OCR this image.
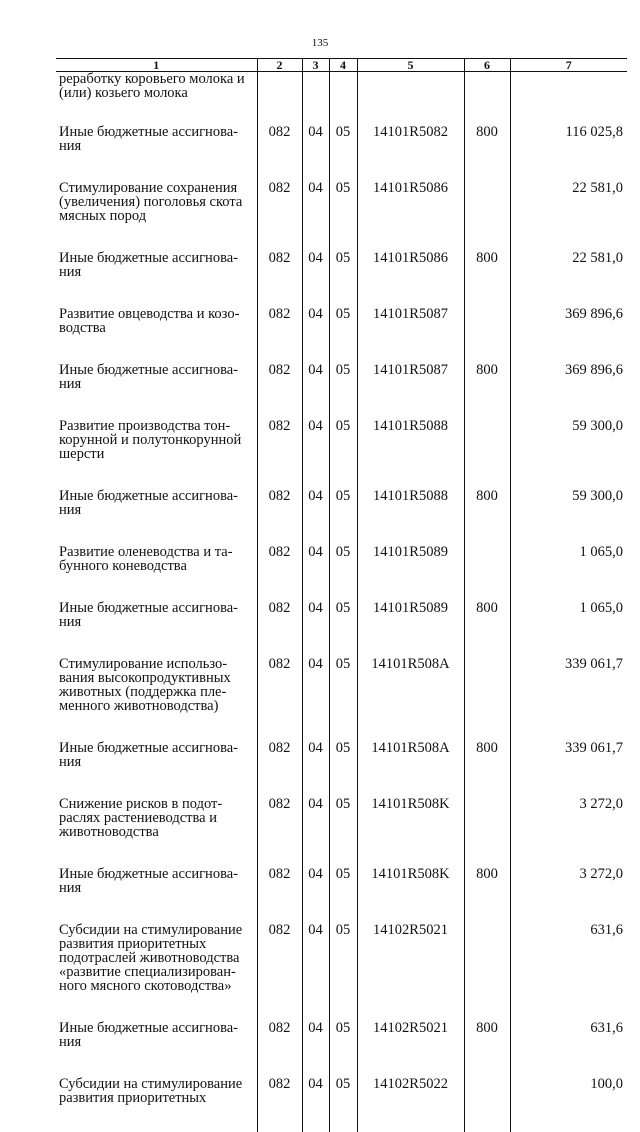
135
1	2	3	4	5	6	7
реработку коровьего молока и (или) козьего молока						
Иные бюджетные ассигнова-ния	082	04	05	14101R5082	800	116 025,8
Стимулирование сохранения (увеличения) поголовья скота мясных пород	082	04	05	14101R5086		22 581,0
Иные бюджетные ассигнова-ния	082	04	05	14101R5086	800	22 581,0
Развитие овцеводства и козо-водства	082	04	05	14101R5087		369 896,6
Иные бюджетные ассигнова-ния	082	04	05	14101R5087	800	369 896,6
Развитие производства тон-корунной и полутонкорунной шерсти	082	04	05	14101R5088		59 300,0
Иные бюджетные ассигнова-ния	082	04	05	14101R5088	800	59 300,0
Развитие оленеводства и та-бунного коневодства	082	04	05	14101R5089		1 065,0
Иные бюджетные ассигнова-ния	082	04	05	14101R5089	800	1 065,0
Стимулирование использо-вания высокопродуктивных животных (поддержка пле-менного животноводства)	082	04	05	14101R508A		339 061,7
Иные бюджетные ассигнова-ния	082	04	05	14101R508A	800	339 061,7
Снижение рисков в подот-раслях растениеводства и животноводства	082	04	05	14101R508K		3 272,0
Иные бюджетные ассигнова-ния	082	04	05	14101R508K	800	3 272,0
Субсидии на стимулирование развития приоритетных подотраслей животноводства «развитие специализирован-ного мясного скотоводства»	082	04	05	14102R5021		631,6
Иные бюджетные ассигнова-ния	082	04	05	14102R5021	800	631,6
Субсидии на стимулирование развития приоритетных	082	04	05	14102R5022		100,0
